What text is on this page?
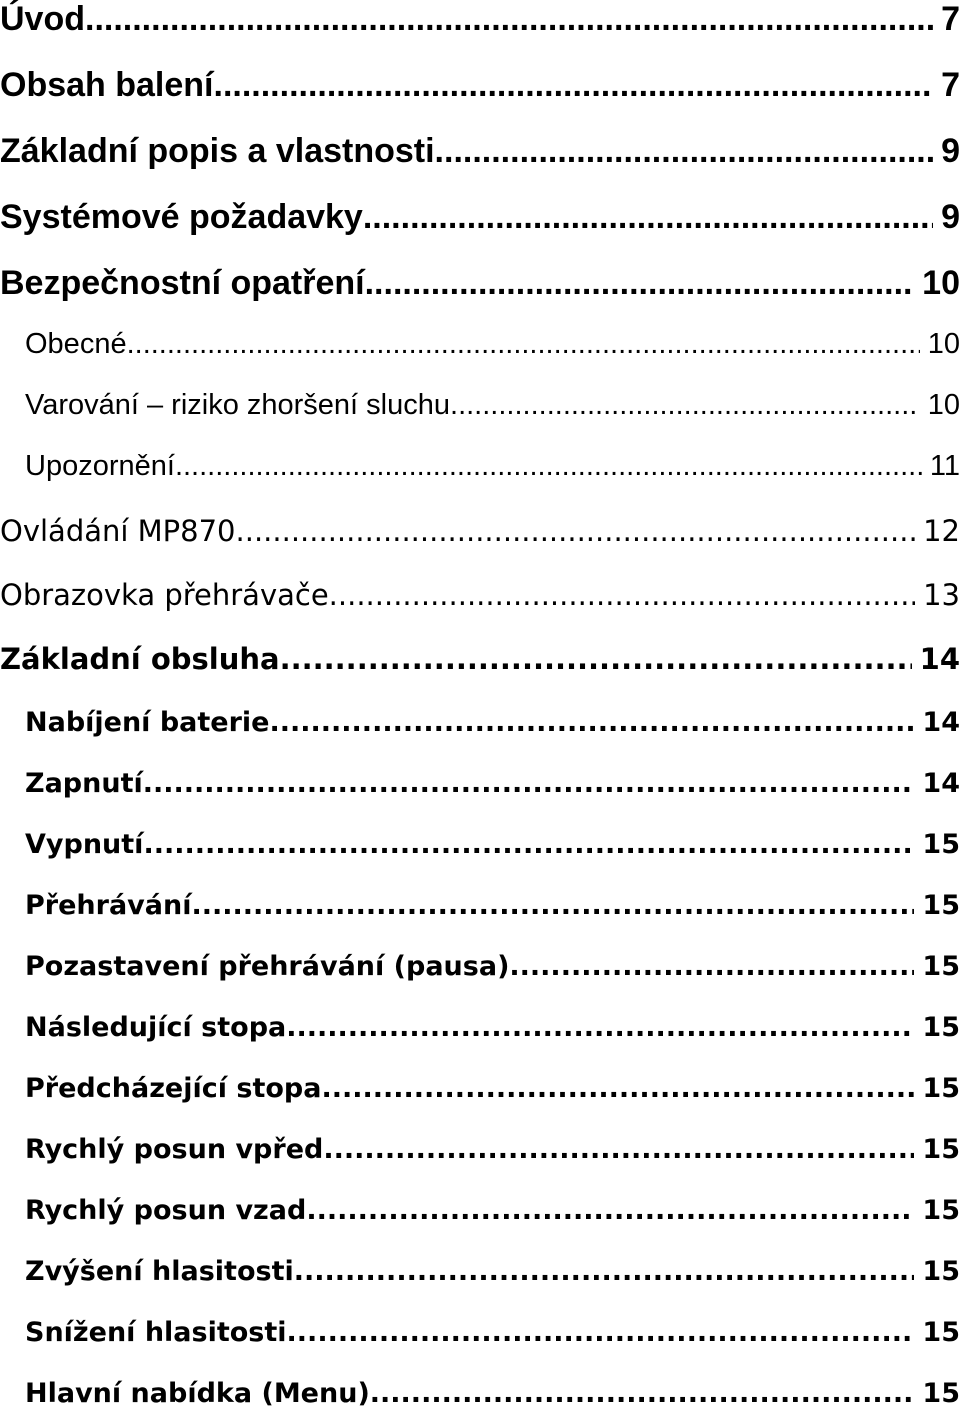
Úvod .....	7
Obsah balení .....	7
Základní popis a vlastnosti .....	9
Systémové požadavky .....	9
Bezpečnostní opatření .....	10
Obecné .....	10
Varování – riziko zhoršení sluchu .....	10
Upozornění .....	11
Ovládání MP870 .....	12
Obrazovka přehrávače .....	13
Základní obsluha .....	14
Nabíjení baterie .....	14
Zapnutí .....	14
Vypnutí .....	15
Přehrávání .....	15
Pozastavení přehrávání (pausa) .....	15
Následující stopa .....	15
Předcházející stopa .....	15
Rychlý posun vpřed .....	15
Rychlý posun vzad .....	15
Zvýšení hlasitosti .....	15
Snížení hlasitosti .....	15
Hlavní nabídka (Menu) .....	15
